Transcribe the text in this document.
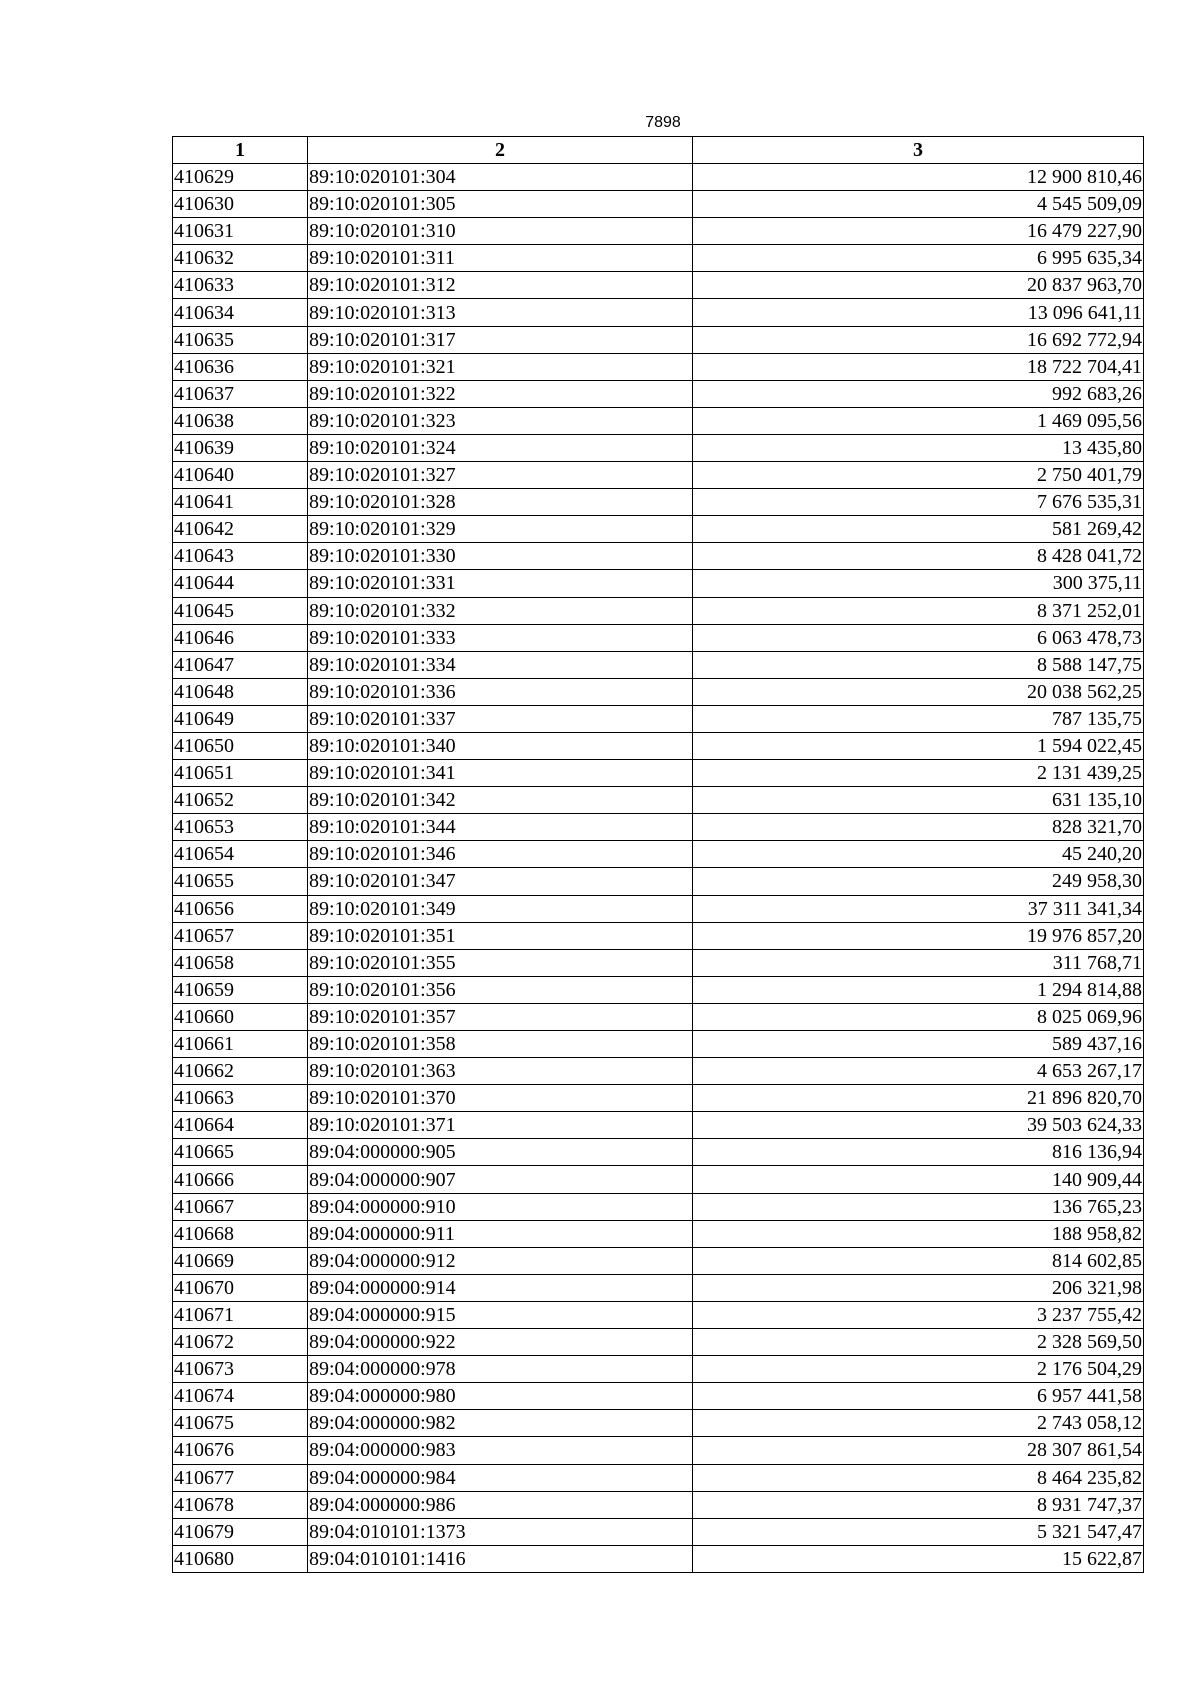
7898
1	2	3
410629	89:10:020101:304	12 900 810,46
410630	89:10:020101:305	4 545 509,09
410631	89:10:020101:310	16 479 227,90
410632	89:10:020101:311	6 995 635,34
410633	89:10:020101:312	20 837 963,70
410634	89:10:020101:313	13 096 641,11
410635	89:10:020101:317	16 692 772,94
410636	89:10:020101:321	18 722 704,41
410637	89:10:020101:322	992 683,26
410638	89:10:020101:323	1 469 095,56
410639	89:10:020101:324	13 435,80
410640	89:10:020101:327	2 750 401,79
410641	89:10:020101:328	7 676 535,31
410642	89:10:020101:329	581 269,42
410643	89:10:020101:330	8 428 041,72
410644	89:10:020101:331	300 375,11
410645	89:10:020101:332	8 371 252,01
410646	89:10:020101:333	6 063 478,73
410647	89:10:020101:334	8 588 147,75
410648	89:10:020101:336	20 038 562,25
410649	89:10:020101:337	787 135,75
410650	89:10:020101:340	1 594 022,45
410651	89:10:020101:341	2 131 439,25
410652	89:10:020101:342	631 135,10
410653	89:10:020101:344	828 321,70
410654	89:10:020101:346	45 240,20
410655	89:10:020101:347	249 958,30
410656	89:10:020101:349	37 311 341,34
410657	89:10:020101:351	19 976 857,20
410658	89:10:020101:355	311 768,71
410659	89:10:020101:356	1 294 814,88
410660	89:10:020101:357	8 025 069,96
410661	89:10:020101:358	589 437,16
410662	89:10:020101:363	4 653 267,17
410663	89:10:020101:370	21 896 820,70
410664	89:10:020101:371	39 503 624,33
410665	89:04:000000:905	816 136,94
410666	89:04:000000:907	140 909,44
410667	89:04:000000:910	136 765,23
410668	89:04:000000:911	188 958,82
410669	89:04:000000:912	814 602,85
410670	89:04:000000:914	206 321,98
410671	89:04:000000:915	3 237 755,42
410672	89:04:000000:922	2 328 569,50
410673	89:04:000000:978	2 176 504,29
410674	89:04:000000:980	6 957 441,58
410675	89:04:000000:982	2 743 058,12
410676	89:04:000000:983	28 307 861,54
410677	89:04:000000:984	8 464 235,82
410678	89:04:000000:986	8 931 747,37
410679	89:04:010101:1373	5 321 547,47
410680	89:04:010101:1416	15 622,87
